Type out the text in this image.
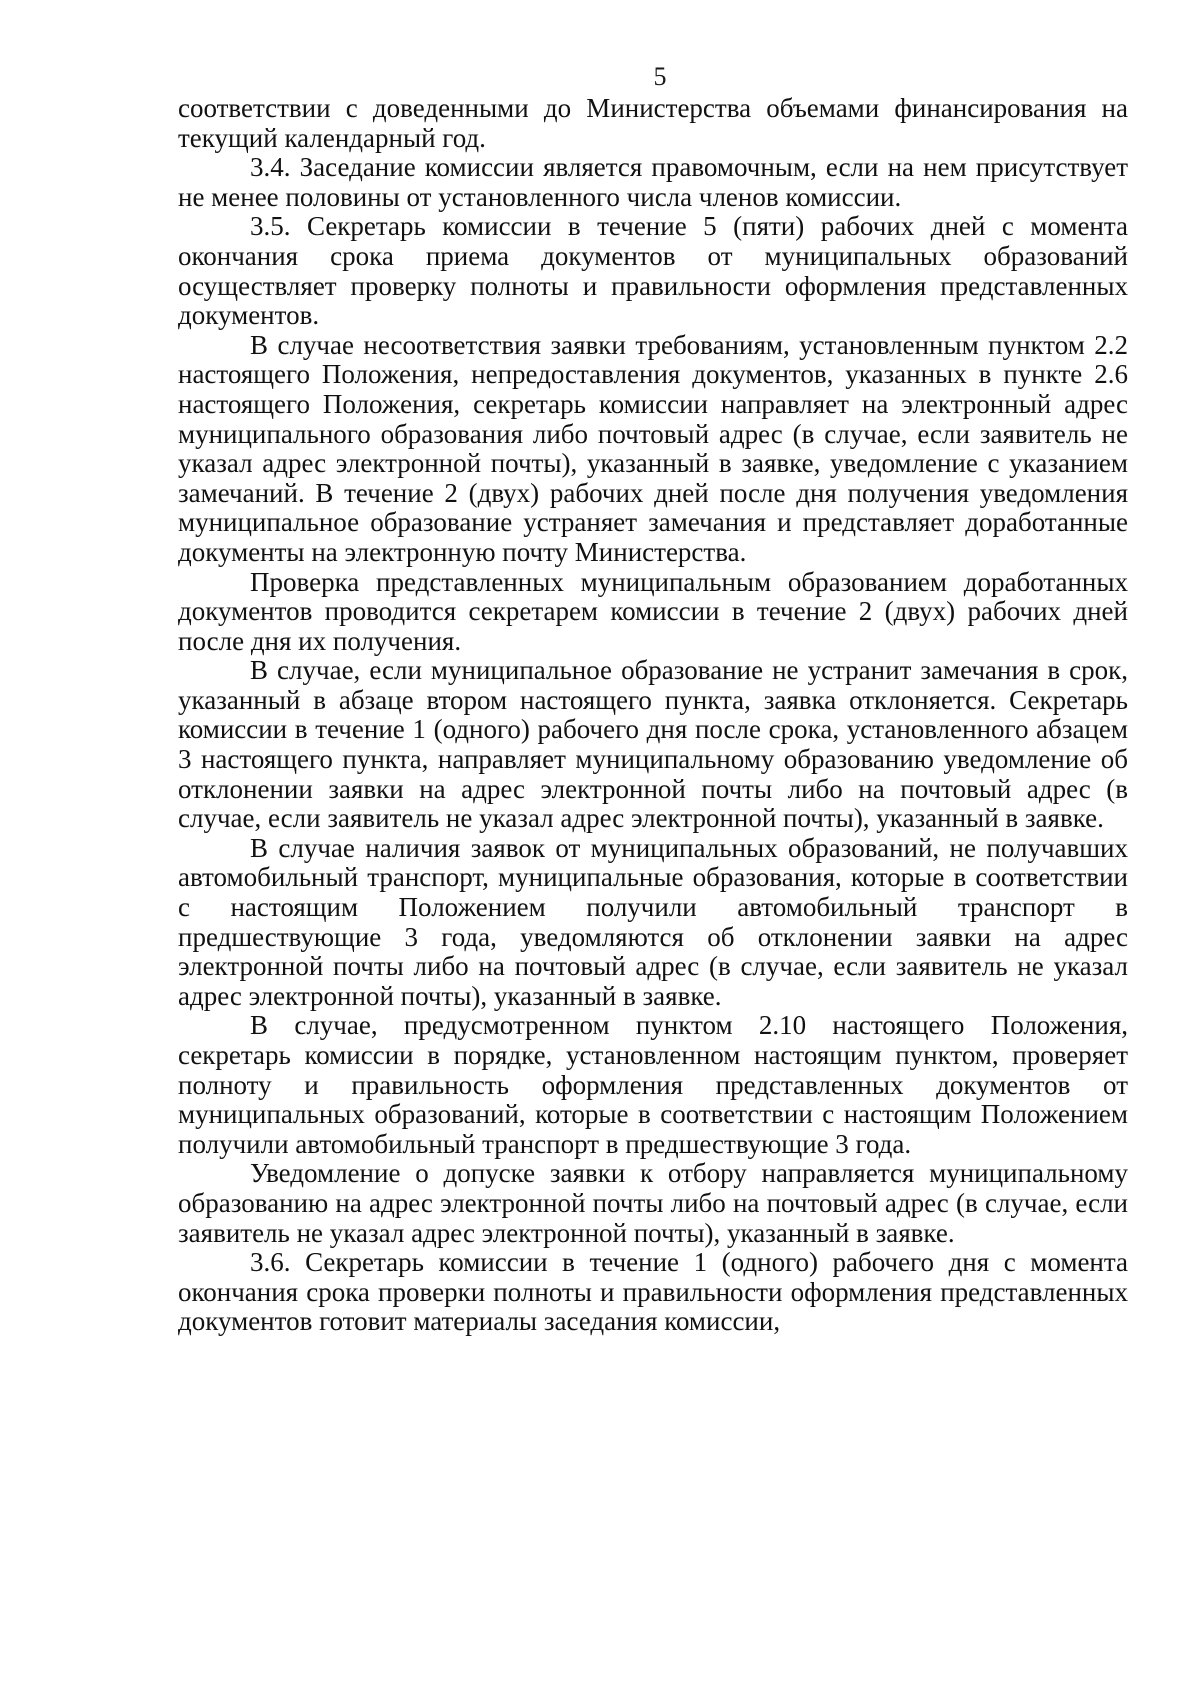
5

соответствии с доведенными до Министерства объемами финансирования на текущий календарный год.

3.4. Заседание комиссии является правомочным, если на нем присутствует не менее половины от установленного числа членов комиссии.

3.5. Секретарь комиссии в течение 5 (пяти) рабочих дней с момента окончания срока приема документов от муниципальных образований осуществляет проверку полноты и правильности оформления представленных документов.

В случае несоответствия заявки требованиям, установленным пунктом 2.2 настоящего Положения, непредоставления документов, указанных в пункте 2.6 настоящего Положения, секретарь комиссии направляет на электронный адрес муниципального образования либо почтовый адрес (в случае, если заявитель не указал адрес электронной почты), указанный в заявке, уведомление с указанием замечаний. В течение 2 (двух) рабочих дней после дня получения уведомления муниципальное образование устраняет замечания и представляет доработанные документы на электронную почту Министерства.

Проверка представленных муниципальным образованием доработанных документов проводится секретарем комиссии в течение 2 (двух) рабочих дней после дня их получения.

В случае, если муниципальное образование не устранит замечания в срок, указанный в абзаце втором настоящего пункта, заявка отклоняется. Секретарь комиссии в течение 1 (одного) рабочего дня после срока, установленного абзацем 3 настоящего пункта, направляет муниципальному образованию уведомление об отклонении заявки на адрес электронной почты либо на почтовый адрес (в случае, если заявитель не указал адрес электронной почты), указанный в заявке.

В случае наличия заявок от муниципальных образований, не получавших автомобильный транспорт, муниципальные образования, которые в соответствии с настоящим Положением получили автомобильный транспорт в предшествующие 3 года, уведомляются об отклонении заявки на адрес электронной почты либо на почтовый адрес (в случае, если заявитель не указал адрес электронной почты), указанный в заявке.

В случае, предусмотренном пунктом 2.10 настоящего Положения, секретарь комиссии в порядке, установленном настоящим пунктом, проверяет полноту и правильность оформления представленных документов от муниципальных образований, которые в соответствии с настоящим Положением получили автомобильный транспорт в предшествующие 3 года.

Уведомление о допуске заявки к отбору направляется муниципальному образованию на адрес электронной почты либо на почтовый адрес (в случае, если заявитель не указал адрес электронной почты), указанный в заявке.

3.6. Секретарь комиссии в течение 1 (одного) рабочего дня с момента окончания срока проверки полноты и правильности оформления представленных документов готовит материалы заседания комиссии,
